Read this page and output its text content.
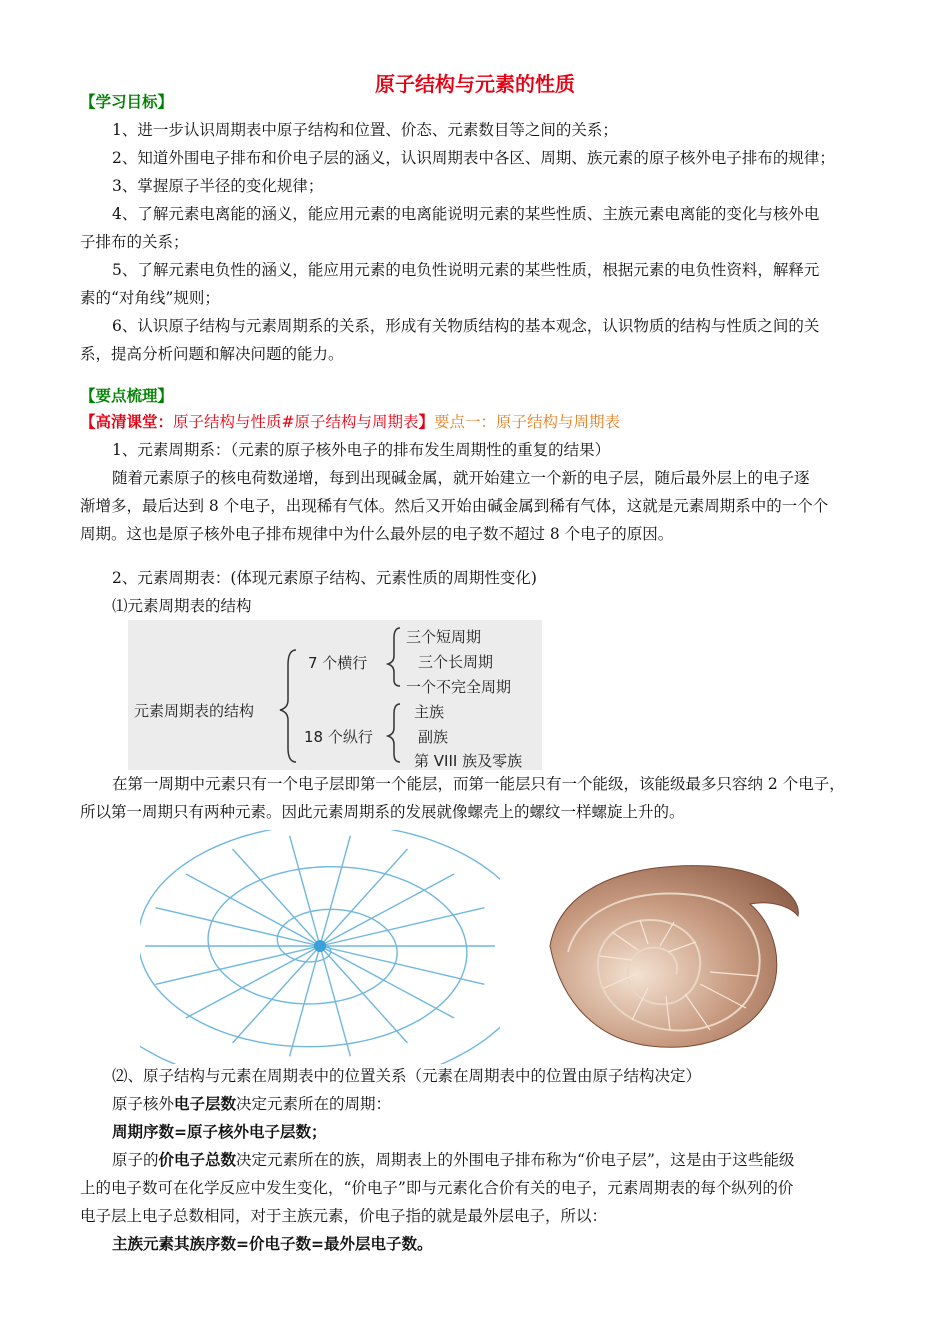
原子结构与元素的性质
【学习目标】
1、进一步认识周期表中原子结构和位置、价态、元素数目等之间的关系；
2、知道外围电子排布和价电子层的涵义，认识周期表中各区、周期、族元素的原子核外电子排布的规律；
3、掌握原子半径的变化规律；
4、了解元素电离能的涵义，能应用元素的电离能说明元素的某些性质、主族元素电离能的变化与核外电
子排布的关系；
5、了解元素电负性的涵义，能应用元素的电负性说明元素的某些性质，根据元素的电负性资料，解释元
素的“对角线”规则；
6、认识原子结构与元素周期系的关系，形成有关物质结构的基本观念，认识物质的结构与性质之间的关
系，提高分析问题和解决问题的能力。
【要点梳理】
【高清课堂：原子结构与性质#原子结构与周期表】要点一：原子结构与周期表
1、元素周期系：（元素的原子核外电子的排布发生周期性的重复的结果）
随着元素原子的核电荷数递增，每到出现碱金属，就开始建立一个新的电子层，随后最外层上的电子逐
渐增多，最后达到 8 个电子，出现稀有气体。然后又开始由碱金属到稀有气体，这就是元素周期系中的一个个
周期。这也是原子核外电子排布规律中为什么最外层的电子数不超过 8 个电子的原因。
2、元素周期表：(体现元素原子结构、元素性质的周期性变化)
⑴元素周期表的结构
元素周期表的结构
7 个横行
三个短周期
三个长周期
一个不完全周期
18 个纵行
主族
副族
第 VIII 族及零族
在第一周期中元素只有一个电子层即第一个能层，而第一能层只有一个能级，该能级最多只容纳 2 个电子，
所以第一周期只有两种元素。因此元素周期系的发展就像螺壳上的螺纹一样螺旋上升的。
⑵、原子结构与元素在周期表中的位置关系（元素在周期表中的位置由原子结构决定）
原子核外电子层数决定元素所在的周期：
周期序数=原子核外电子层数；
原子的价电子总数决定元素所在的族，周期表上的外围电子排布称为“价电子层”，这是由于这些能级
上的电子数可在化学反应中发生变化，“价电子”即与元素化合价有关的电子，元素周期表的每个纵列的价
电子层上电子总数相同，对于主族元素，价电子指的就是最外层电子，所以：
主族元素其族序数=价电子数=最外层电子数。
